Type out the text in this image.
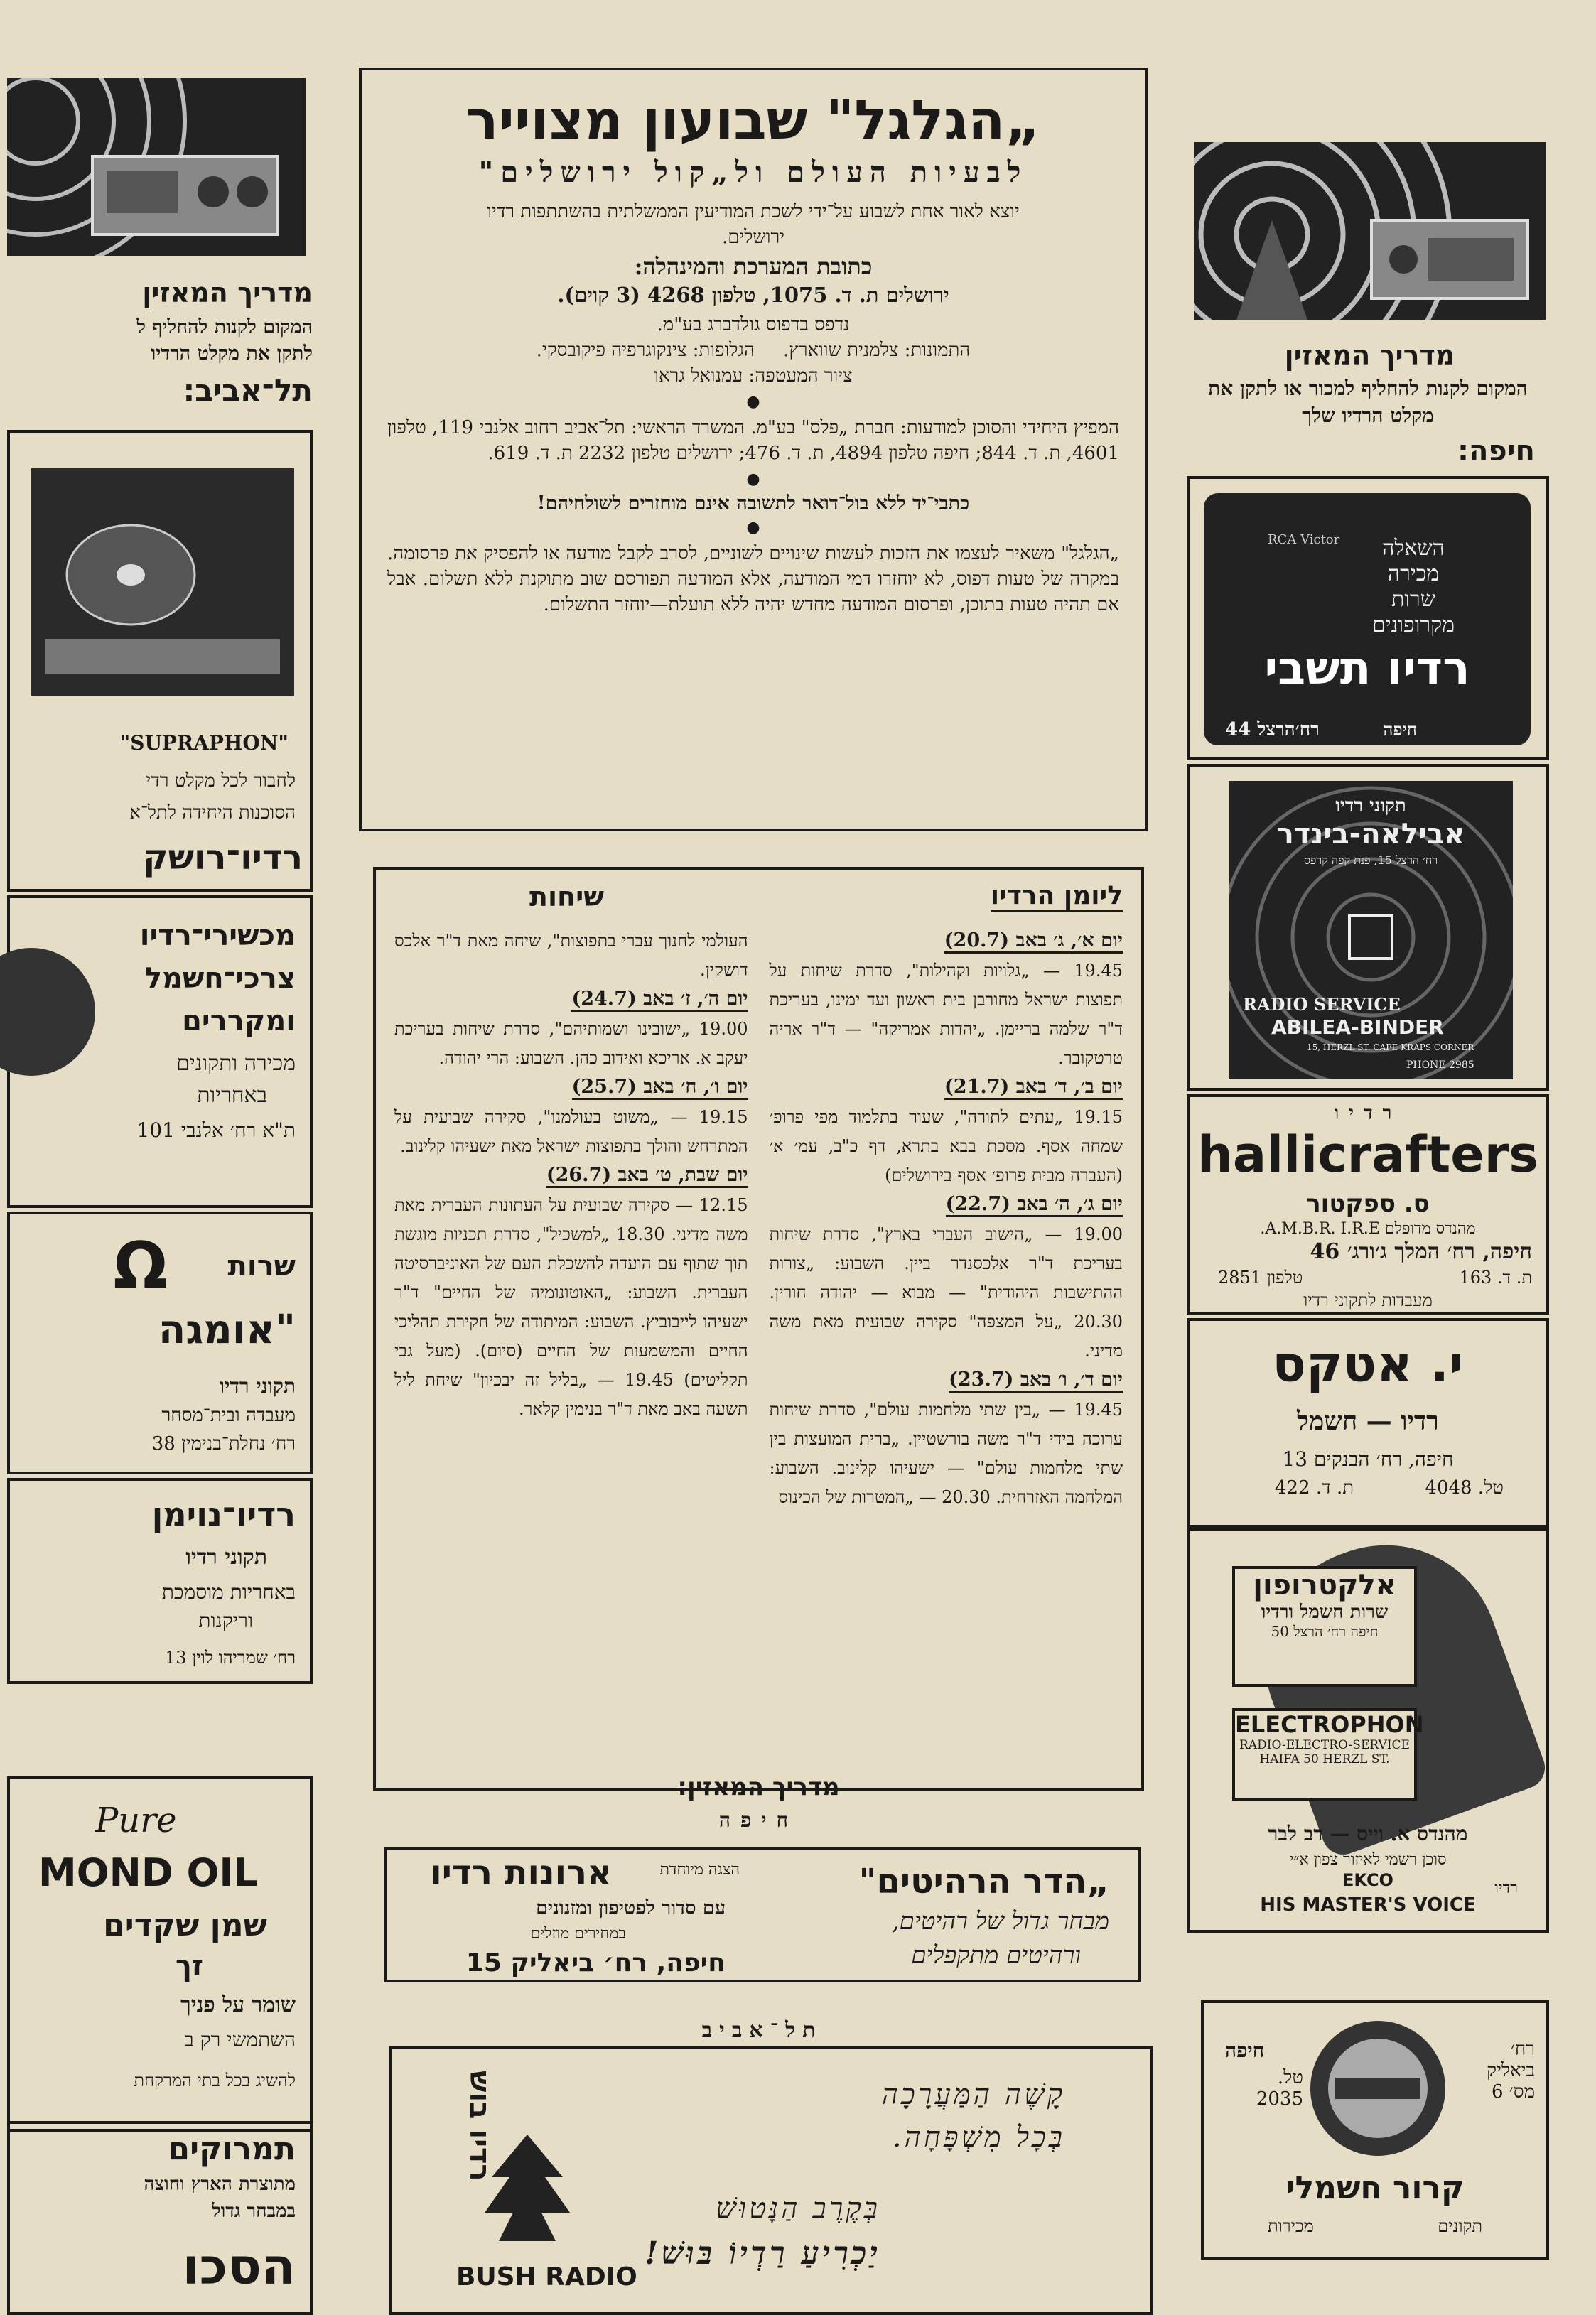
מדריך המאזין
המקום לקנות להחליף ל
לתקן את מקלט הרדיו
תל־אביב:
"SUPRAPHON"
לחבור לכל מקלט רדי
הסוכנות היחידה לתל־א
רדיו־רושק
מכשירי־רדיו
צרכי־חשמל
ומקררים
מכירה ותקונים
באחריות
ת"א רח׳ אלנבי 101
שרות
Ω
"אומגה
תקוני רדיו
מעבדה ובית־מסחר
רח׳ נחלת־בנימין 38
רדיו־נוימן
תקוני רדיו
באחריות מוסמכת
וריקנות
רח׳ שמריהו לוין 13
Pure
MOND OIL
שמן שקדים
זך
שומר על פניך
השתמשי רק ב
להשיג בכל בתי המרקחת
תמרוקים
מתוצרת הארץ וחוצה
במבחר גדול
הסכו
„הגלגל" שבועון מצוייר
לבעיות העולם ול„קול ירושלים"
יוצא לאור אחת לשבוע על־ידי לשכת המודיעין הממשלתית בהשתתפות רדיו ירושלים.
כתובת המערכת והמינהלה:
ירושלים ת. ד. 1075, טלפון 4268 (3 קוים).
נדפס בדפוס גולדברג בע"מ.
התמונות: צלמנית שווארץ.
הגלופות: צינקוגרפיה פיקובסקי.
ציור המעטפה: עמנואל גראו
●
המפיץ היחידי והסוכן למודעות: חברת „פלס" בע"מ. המשרד הראשי: תל־אביב רחוב אלנבי 119, טלפון 4601, ת. ד. 844; חיפה טלפון 4894, ת. ד. 476; ירושלים טלפון 2232 ת. ד. 619.
●
כתבי־יד ללא בול־דואר לתשובה אינם מוחזרים לשולחיהם!
●
„הגלגל" משאיר לעצמו את הזכות לעשות שינויים לשוניים, לסרב לקבל מודעה או להפסיק את פרסומה. במקרה של טעות דפוס, לא יוחזרו דמי המודעה, אלא המודעה תפורסם שוב מתוקנת ללא תשלום. אבל אם תהיה טעות בתוכן, ופרסום המודעה מחדש יהיה ללא תועלת—יוחזר התשלום.
ליומן הרדיו
שיחות
יום א׳, ג׳ באב (20.7)
19.45 — „גלויות וקהילות", סדרת שיחות על תפוצות ישראל מחורבן בית ראשון ועד ימינו, בעריכת ד"ר שלמה בריימן. „יהדות אמריקה" — ד"ר אריה טרטקובר.
יום ב׳, ד׳ באב (21.7)
19.15 „עתים לתורה", שעור בתלמוד מפי פרופ׳ שמחה אסף. מסכת בבא בתרא, דף כ"ב, עמ׳ א׳ (העברה מבית פרופ׳ אסף בירושלים)
יום ג׳, ה׳ באב (22.7)
19.00 — „הישוב העברי בארץ", סדרת שיחות בעריכת ד"ר אלכסנדר ביין. השבוע: „צורות ההתישבות היהודית" — מבוא — יהודה חורין. 20.30 „על המצפה" סקירה שבועית מאת משה מדיני.
יום ד׳, ו׳ באב (23.7)
19.45 — „בין שתי מלחמות עולם", סדרת שיחות ערוכה בידי ד"ר משה בורשטיין. „ברית המועצות בין שתי מלחמות עולם" — ישעיהו קלינוב. השבוע: המלחמה האזרחית. 20.30 — „המטרות של הכינוס
העולמי לחנוך עברי בתפוצות", שיחה מאת ד"ר אלכס דושקין.
יום ה׳, ז׳ באב (24.7)
19.00 „ישובינו ושמותיהם", סדרת שיחות בעריכת יעקב א. אריכא ואידוב כהן. השבוע: הרי יהודה.
יום ו׳, ח׳ באב (25.7)
19.15 — „משוט בעולמנו", סקירה שבועית על המתרחש והולך בתפוצות ישראל מאת ישעיהו קלינוב.
יום שבת, ט׳ באב (26.7)
12.15 — סקירה שבועית על העתונות העברית מאת משה מדיני. 18.30 „למשכיל", סדרת תכניות מוגשת תוך שתוף עם הועדה להשכלת העם של האוניברסיטה העברית. השבוע: „האוטונומיה של החיים" ד"ר ישעיהו לייבוביץ. השבוע: המיתודה של חקירת תהליכי החיים והמשמעות של החיים (סיום). (מעל גבי תקליטים) 19.45 — „בליל זה יבכיון" שיחת ליל תשעה באב מאת ד"ר בנימין קלאר.
מדריך המאזין:
חיפה
„הדר הרהיטים"
מבחר גדול של רהיטים,
ורהיטים מתקפלים
הצגה מיוחדת
ארונות רדיו
עם סדור לפטיפון ומזנונים
במחירים מוזלים
חיפה, רח׳ ביאליק 15
תל־אביב
קָשֶׁה הַמַּעֲרָכָה
בְּכָל מִשְׁפָּחָה.
בְּקֶרֶב הַנָּטוּשׁ
יַכְרִיעַ רַדְיוֹ בּוּשׁ!
רדיו בוש
BUSH RADIO
מדריך המאזין
המקום לקנות להחליף למכור או לתקן את מקלט הרדיו שלך
חיפה:
RCA Victor	השאלה
מכירה
שרות
מקרופונים
רדיו תשבי
חיפה
רח׳הרצל 44
תקוני רדיו
אבילאה-בינדר
רח׳ הרצל 15, פנת קפה קרפס
RADIO SERVICE
ABILEA-BINDER
15, HERZL ST. CAFE KRAPS CORNER
PHONE 2985
רדיו
hallicrafters
ס. ספקטור
מהנדס מדופלם A.M.B.R. I.R.E.
חיפה, רח׳ המלך ג׳ורג׳ 46
ת. ד. 163
טלפון 2851
מעבדות לתקוני רדיו
י. אטקס
רדיו — חשמל
חיפה, רח׳ הבנקים 13
טל. 4048
ת. ד. 422
אלקטרופון
שרות חשמל ורדיו
חיפה רח׳ הרצל 50
ELECTROPHON
RADIO-ELECTRO-SERVICE
HAIFA 50 HERZL ST.
מהנדס א. וייס — דב לבר
סוכן רשמי לאיזור צפון א״י
רדיו
EKCO
HIS MASTER'S VOICE
חיפה
טל. 2035
רח׳ ביאליק מס׳ 6
קרור חשמלי
תקונים
מכירות
